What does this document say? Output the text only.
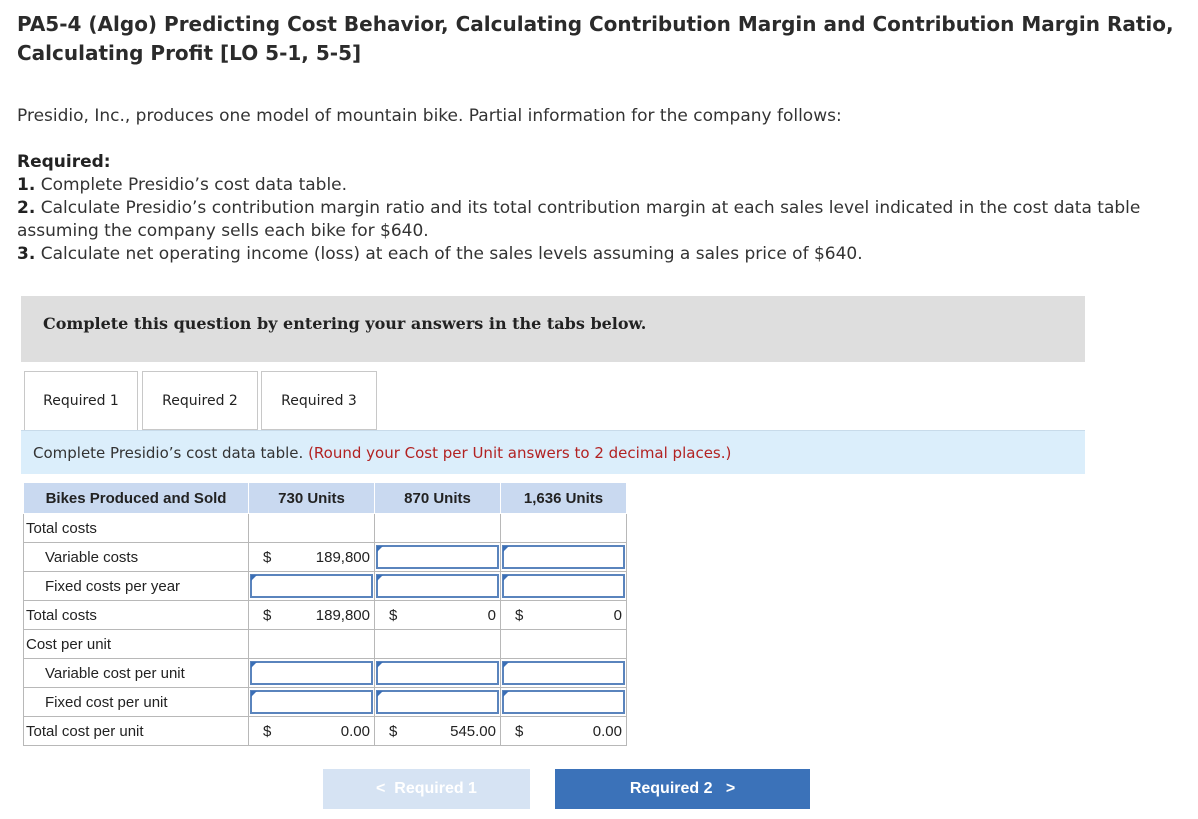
PA5-4 (Algo) Predicting Cost Behavior, Calculating Contribution Margin and Contribution Margin Ratio, Calculating Profit [LO 5-1, 5-5]
Presidio, Inc., produces one model of mountain bike. Partial information for the company follows:
Required:
1. Complete Presidio’s cost data table.
2. Calculate Presidio’s contribution margin ratio and its total contribution margin at each sales level indicated in the cost data table assuming the company sells each bike for $640.
3. Calculate net operating income (loss) at each of the sales levels assuming a sales price of $640.
Complete this question by entering your answers in the tabs below.
Required 1	Required 2	Required 3
Complete Presidio’s cost data table. (Round your Cost per Unit answers to 2 decimal places.)
Bikes Produced and Sold	730 Units	870 Units	1,636 Units
Total costs			
Variable costs	$ 189,800		

Fixed costs per year	

Total costs	$ 189,800	$ 0	$ 0

Cost per unit			
Variable cost per unit	

Fixed cost per unit	

Total cost per unit	$ 0.00	$ 545.00	$ 0.00
<
Required 1	Required 2
>
